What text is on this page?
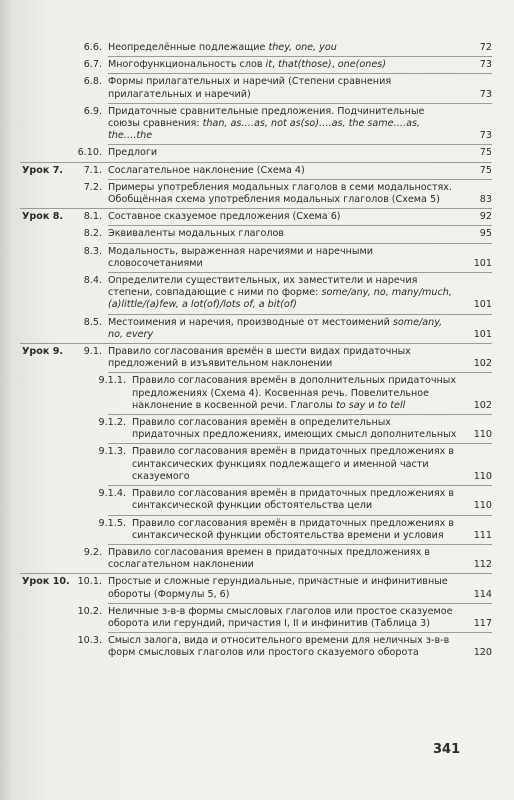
6.6. Неопределённые подлежащие they, one, you	72
6.7. Многофункциональность слов it, that(those), one(ones)	73
6.8. Формы прилагательных и наречий (Степени сравнения прилагательных и наречий)	73
6.9. Придаточные сравнительные предложения. Подчинительные союзы сравнения: than, as….as, not as(so)….as, the same….as, the….the	73
6.10. Предлоги	75
Урок 7.	7.1. Сослагательное наклонение (Схема 4)	75
7.2. Примеры употребления модальных глаголов в семи модальностях. Обобщённая схема употребления модальных глаголов (Схема 5)	83
Урок 8.	8.1. Составное сказуемое предложения (Схема 6)	92
8.2. Эквиваленты модальных глаголов	95
8.3. Модальность, выраженная наречиями и наречными словосочетаниями	101
8.4. Определители существительных, их заместители и наречия степени, совпадающие с ними по форме: some/any, no, many/much, (a)little/(a)few, a lot(of)/lots of, a bit(of)	101
8.5. Местоимения и наречия, производные от местоимений some/any, no, every	101
Урок 9.	9.1. Правило согласования времён в шести видах придаточных предложений в изъявительном наклонении	102
9.1.1. Правило согласования времён в дополнительных придаточных предложениях (Схема 4). Косвенная речь. Повелительное наклонение в косвенной речи. Глаголы to say и to tell	102
9.1.2. Правило согласования времён в определительных придаточных предложениях, имеющих смысл дополнительных	110
9.1.3. Правило согласования времён в придаточных предложениях в синтаксических функциях подлежащего и именной части сказуемого	110
9.1.4. Правило согласования времён в придаточных предложениях в синтаксической функции обстоятельства цели	110
9.1.5. Правило согласования времён в придаточных предложениях в синтаксической функции обстоятельства времени и условия	111
9.2. Правило согласования времен в придаточных предложениях в сослагательном наклонении	112
Урок 10. 10.1. Простые и сложные герундиальные, причастные и инфинитивные обороты (Формулы 5, 6)	114
10.2. Неличные з-в-в формы смысловых глаголов или простое сказуемое оборота или герундий, причастия I, II и инфинитив (Таблица 3)	117
10.3. Смысл залога, вида и относительного времени для неличных з-в-в форм смысловых глаголов или простого сказуемого оборота	120
341
